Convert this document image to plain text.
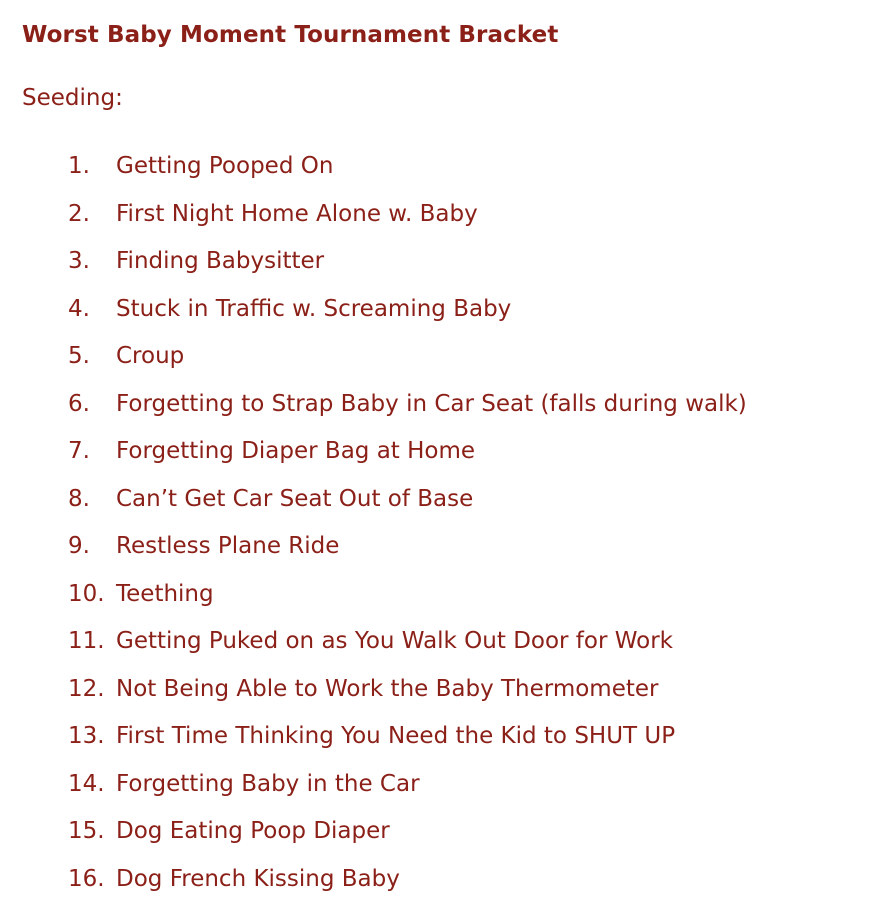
Worst Baby Moment Tournament Bracket
Seeding:
1.	Getting Pooped On
2.	First Night Home Alone w. Baby
3.	Finding Babysitter
4.	Stuck in Traffic w. Screaming Baby
5.	Croup
6.	Forgetting to Strap Baby in Car Seat (falls during walk)
7.	Forgetting Diaper Bag at Home
8.	Can’t Get Car Seat Out of Base
9.	Restless Plane Ride
10. Teething
11. Getting Puked on as You Walk Out Door for Work
12. Not Being Able to Work the Baby Thermometer
13. First Time Thinking You Need the Kid to SHUT UP
14. Forgetting Baby in the Car
15. Dog Eating Poop Diaper
16. Dog French Kissing Baby
